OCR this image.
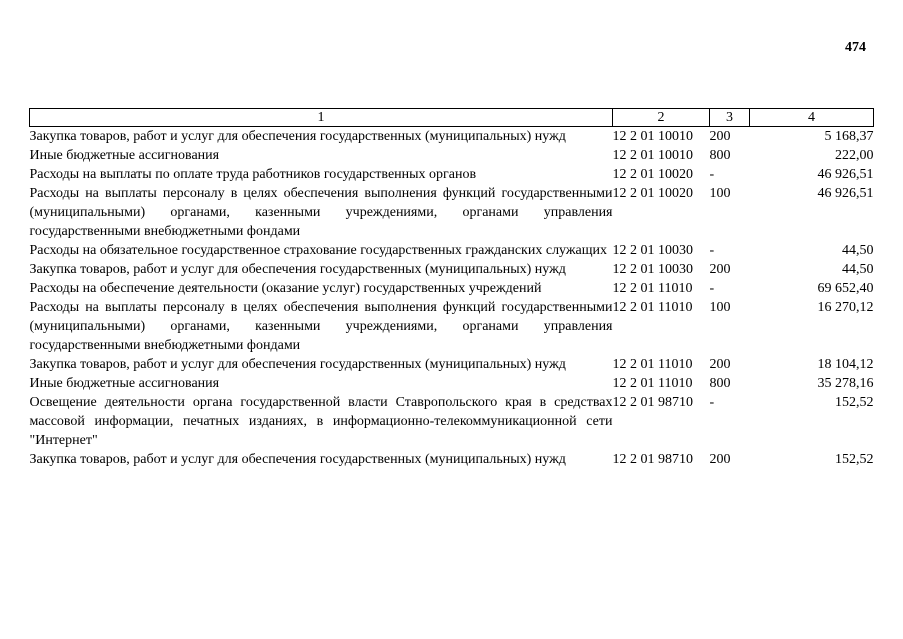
474
1	2	3	4
Закупка товаров, работ и услуг для обеспечения государственных (муниципальных) нужд	12 2 01 10010	200	5 168,37
Иные бюджетные ассигнования	12 2 01 10010	800	222,00
Расходы на выплаты по оплате труда работников государственных органов	12 2 01 10020	-	46 926,51
Расходы на выплаты персоналу в целях обеспечения выполнения функций государственными (муниципальными) органами, казенными учреждениями, органами управления государственными внебюджетными фондами	12 2 01 10020	100	46 926,51
Расходы на обязательное государственное страхование государственных гражданских служащих	12 2 01 10030	-	44,50
Закупка товаров, работ и услуг для обеспечения государственных (муниципальных) нужд	12 2 01 10030	200	44,50
Расходы на обеспечение деятельности (оказание услуг) государственных учреждений	12 2 01 11010	-	69 652,40
Расходы на выплаты персоналу в целях обеспечения выполнения функций государственными (муниципальными) органами, казенными учреждениями, органами управления государственными внебюджетными фондами	12 2 01 11010	100	16 270,12
Закупка товаров, работ и услуг для обеспечения государственных (муниципальных) нужд	12 2 01 11010	200	18 104,12
Иные бюджетные ассигнования	12 2 01 11010	800	35 278,16
Освещение деятельности органа государственной власти Ставропольского края в средствах массовой информации, печатных изданиях, в информационно-телекоммуникационной сети "Интернет"	12 2 01 98710	-	152,52
Закупка товаров, работ и услуг для обеспечения государственных (муниципальных) нужд	12 2 01 98710	200	152,52
